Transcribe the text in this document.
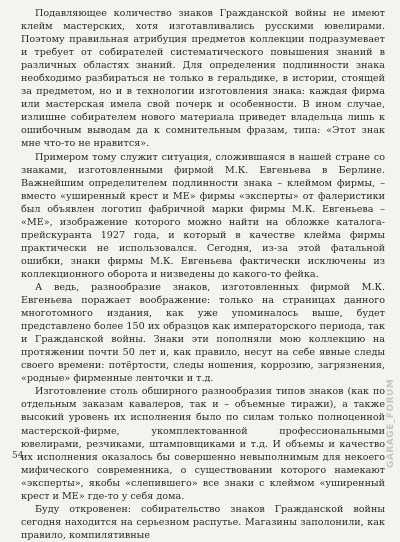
Подавляющее количество знаков Гражданской войны не имеют клейм мастерских, хотя изготавливались русскими ювелирами. Поэтому правильная атрибуция предметов коллекции подразумевает и требует от собирателей систематического повышения знаний в различных областях знаний. Для определения подлинности знака необходимо разбираться не только в геральдике, в истории, стоящей за предметом, но и в технологии изготовления знака: каждая фирма или мастерская имела свой почерк и особенности. В ином случае, излишне собирателем нового материала приведет владельца лишь к ошибочным выводам да к сомнительным фразам, типа: «Этот знак мне что-то не нравится».

Примером тому служит ситуация, сложившаяся в нашей стране со знаками, изготовленными фирмой М.К. Евгеньева в Берлине. Важнейшим определителем подлинности знака – клеймом фирмы, – вместо «уширенный крест и МЕ» фирмы «эксперты» от фалеристики был объявлен логотип фабричной марки фирмы М.К. Евгеньева – «МЕ», изображение которого можно найти на обложке каталога-прейскуранта 1927 года, и который в качестве клейма фирмы практически не использовался. Сегодня, из-за этой фатальной ошибки, знаки фирмы М.К. Евгеньева фактически исключены из коллекционного оборота и низведены до какого-то фейка.

А ведь, разнообразие знаков, изготовленных фирмой М.К. Евгеньева поражает воображение: только на страницах данного многотомного издания, как уже упоминалось выше, будет представлено более 150 их образцов как императорского периода, так и Гражданской войны. Знаки эти пополняли мою коллекцию на протяжении почти 50 лет и, как правило, несут на себе явные следы своего времени: потёртости, следы ношения, коррозию, загрязнения, «родные» фирменные ленточки и т.д.

Изготовление столь обширного разнообразия типов знаков (как по отдельным заказам кавалеров, так и – объемные тиражи), а также высокий уровень их исполнения было по силам только полноценной мастерской-фирме, укомплектованной профессиональными ювелирами, резчиками, штамповщиками и т.д. И объемы и качество их исполнения оказалось бы совершенно невыполнимым для некоего мифического современника, о существовании которого намекают «эксперты», якобы «слепившего» все знаки с клеймом «уширенный крест и МЕ» где-то у себя дома.

Буду откровенен: собирательство знаков Гражданской войны сегодня находится на серьезном распутье. Магазины заполонили, как правило, компилятивные

54	GARAGE_FORUM
